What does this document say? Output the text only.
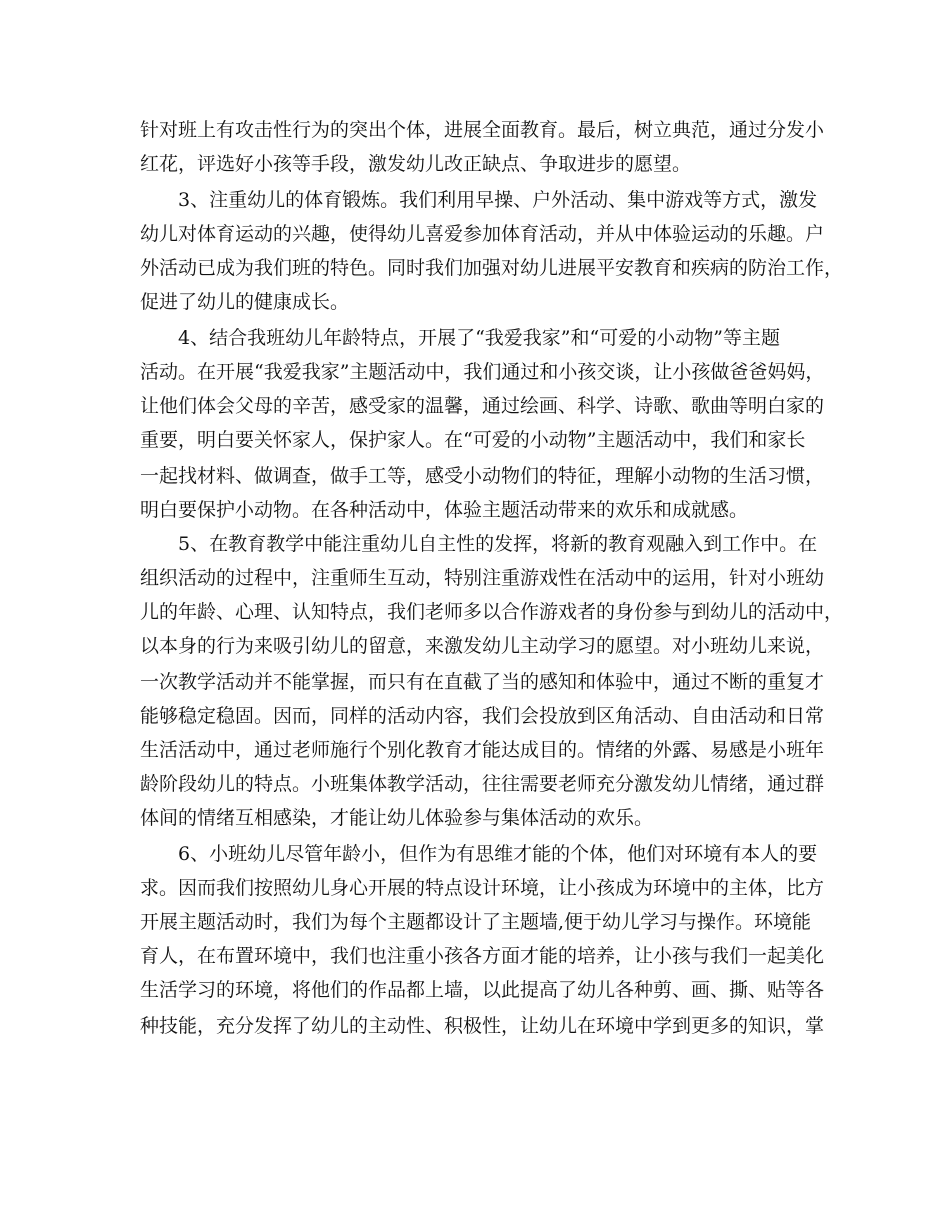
针对班上有攻击性行为的突出个体，进展全面教育。最后，树立典范，通过分发小

红花，评选好小孩等手段，激发幼儿改正缺点、争取进步的愿望。

3、注重幼儿的体育锻炼。我们利用早操、户外活动、集中游戏等方式，激发

幼儿对体育运动的兴趣，使得幼儿喜爱参加体育活动，并从中体验运动的乐趣。户

外活动已成为我们班的特色。同时我们加强对幼儿进展平安教育和疾病的防治工作，

促进了幼儿的健康成长。

4、结合我班幼儿年龄特点，开展了“我爱我家”和“可爱的小动物”等主题

活动。在开展“我爱我家”主题活动中，我们通过和小孩交谈，让小孩做爸爸妈妈，

让他们体会父母的辛苦，感受家的温馨，通过绘画、科学、诗歌、歌曲等明白家的

重要，明白要关怀家人，保护家人。在“可爱的小动物”主题活动中，我们和家长

一起找材料、做调查，做手工等，感受小动物们的特征，理解小动物的生活习惯，

明白要保护小动物。在各种活动中，体验主题活动带来的欢乐和成就感。

5、在教育教学中能注重幼儿自主性的发挥，将新的教育观融入到工作中。在

组织活动的过程中，注重师生互动，特别注重游戏性在活动中的运用，针对小班幼

儿的年龄、心理、认知特点，我们老师多以合作游戏者的身份参与到幼儿的活动中，

以本身的行为来吸引幼儿的留意，来激发幼儿主动学习的愿望。对小班幼儿来说，

一次教学活动并不能掌握，而只有在直截了当的感知和体验中，通过不断的重复才

能够稳定稳固。因而，同样的活动内容，我们会投放到区角活动、自由活动和日常

生活活动中，通过老师施行个别化教育才能达成目的。情绪的外露、易感是小班年

龄阶段幼儿的特点。小班集体教学活动，往往需要老师充分激发幼儿情绪，通过群

体间的情绪互相感染，才能让幼儿体验参与集体活动的欢乐。

6、小班幼儿尽管年龄小，但作为有思维才能的个体，他们对环境有本人的要

求。因而我们按照幼儿身心开展的特点设计环境，让小孩成为环境中的主体，比方

开展主题活动时，我们为每个主题都设计了主题墙,便于幼儿学习与操作。环境能

育人，在布置环境中，我们也注重小孩各方面才能的培养，让小孩与我们一起美化

生活学习的环境，将他们的作品都上墙，以此提高了幼儿各种剪、画、撕、贴等各

种技能，充分发挥了幼儿的主动性、积极性，让幼儿在环境中学到更多的知识，掌
